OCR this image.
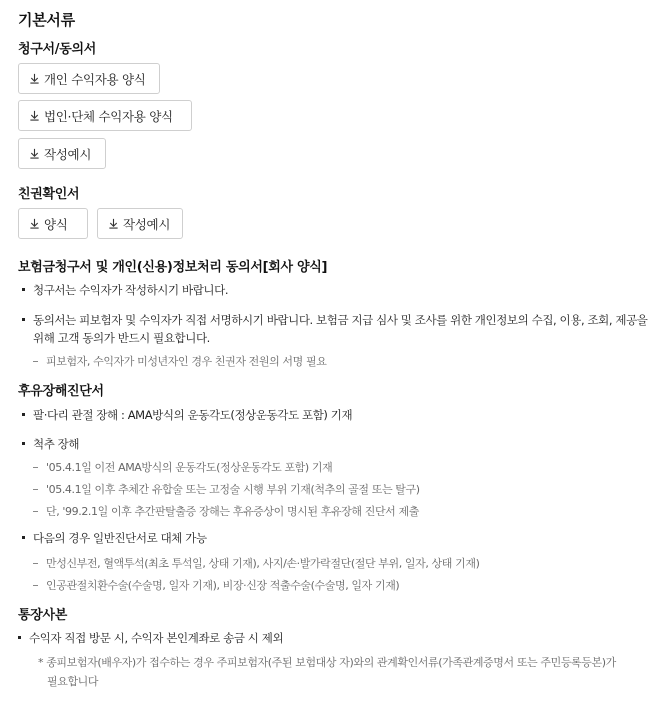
기본서류
청구서/동의서
개인 수익자용 양식
법인·단체 수익자용 양식
작성예시
친권확인서
양식	작성예시
보험금청구서 및 개인(신용)정보처리 동의서[회사 양식]
청구서는 수익자가 작성하시기 바랍니다.
동의서는 피보험자 및 수익자가 직접 서명하시기 바랍니다. 보험금 지급 심사 및 조사를 위한 개인정보의 수집, 이용, 조회, 제공을
위해 고객 동의가 반드시 필요합니다.
피보험자, 수익자가 미성년자인 경우 친권자 전원의 서명 필요
후유장해진단서
팔·다리 관절 장해 : AMA방식의 운동각도(정상운동각도 포함) 기재
척추 장해
'05.4.1일 이전 AMA방식의 운동각도(정상운동각도 포함) 기재
'05.4.1일 이후 추체간 유합술 또는 고정술 시행 부위 기재(척추의 골절 또는 탈구)
단, '99.2.1일 이후 추간판탈출증 장해는 후유증상이 명시된 후유장해 진단서 제출
다음의 경우 일반진단서로 대체 가능
만성신부전, 혈액투석(최초 투석일, 상태 기재), 사지/손·발가락절단(절단 부위, 일자, 상태 기재)
인공관절치환수술(수술명, 일자 기재), 비장·신장 적출수술(수술명, 일자 기재)
통장사본
수익자 직접 방문 시, 수익자 본인계좌로 송금 시 제외
* 종피보험자(배우자)가 접수하는 경우 주피보험자(주된 보험대상 자)와의 관계확인서류(가족관계증명서 또는 주민등록등본)가
필요합니다
